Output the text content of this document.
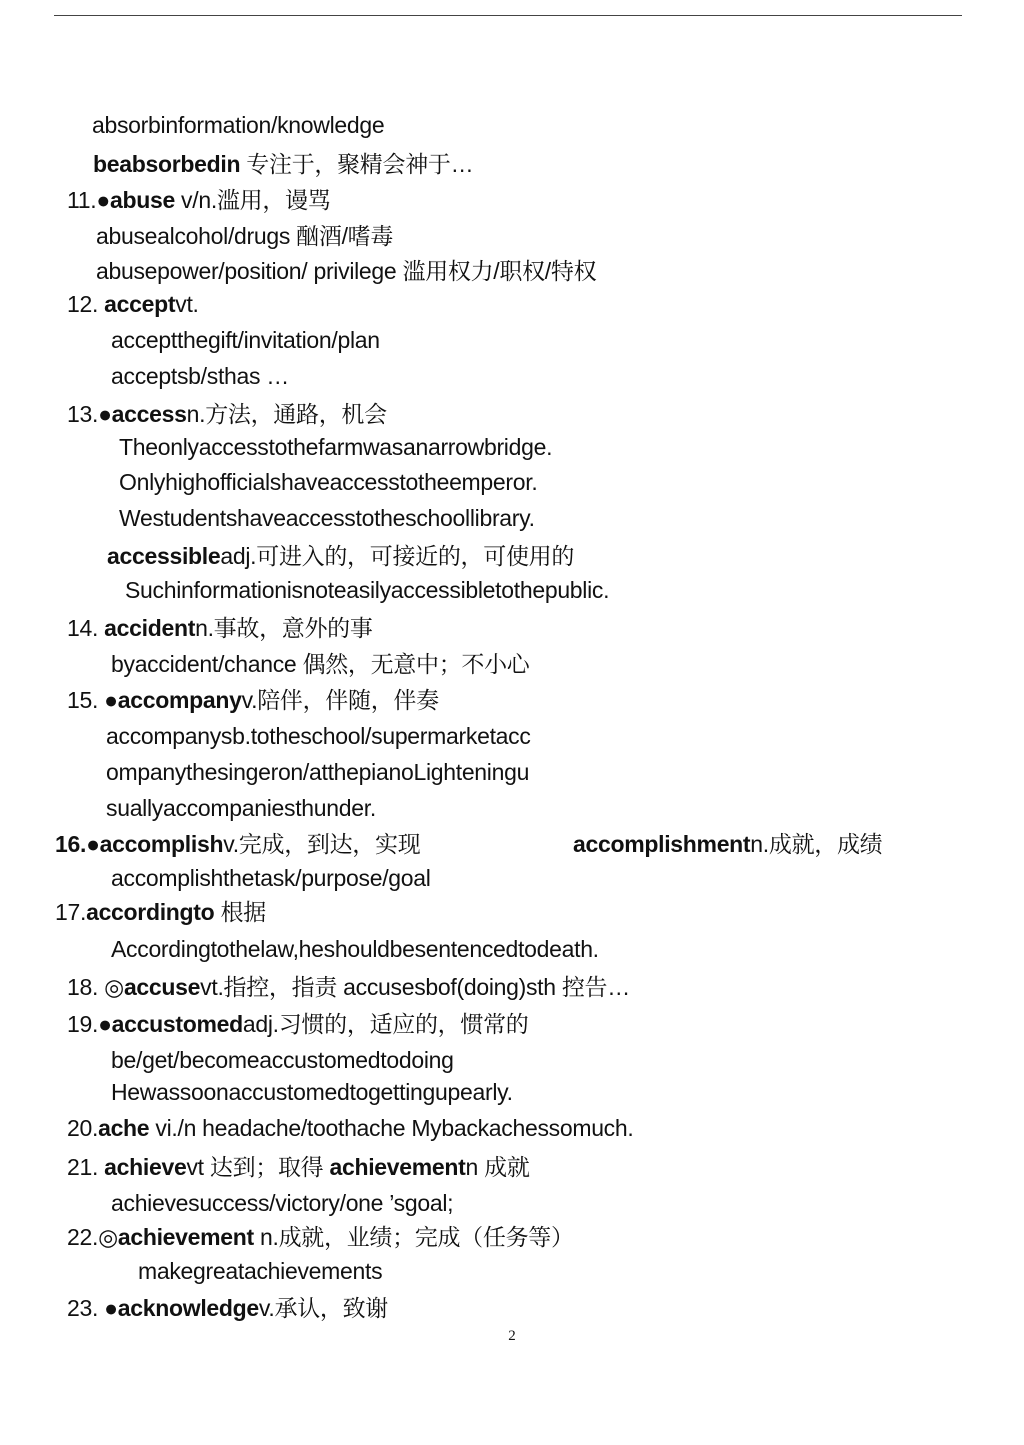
absorbinformation/knowledge
beabsorbedin 专注于，聚精会神于…
11.●abuse v/n.滥用，谩骂
abusealcohol/drugs 酗酒/嗜毒
abusepower/position/ privilege 滥用权力/职权/特权
12. acceptvt.
acceptthegift/invitation/plan
acceptsb/sthas …
13.●accessn.方法，通路，机会
Theonlyaccesstothefarmwasanarrowbridge.
Onlyhighofficialshaveaccesstotheemperor.
Westudentshaveaccesstotheschoollibrary.
accessibleadj.可进入的，可接近的，可使用的
Suchinformationisnoteasilyaccessibletothepublic.
14. accidentn.事故，意外的事
byaccident/chance 偶然，无意中；不小心
15. ●accompanyv.陪伴，伴随，伴奏
accompanysb.totheschool/supermarketacc
ompanythesingeron/atthepianoLighteningu
suallyaccompaniesthunder.
16.●accomplishv.完成，到达，实现	accomplishmentn.成就，成绩
accomplishthetask/purpose/goal
17.accordingto 根据
Accordingtothelaw,heshouldbesentencedtodeath.
18. ◎accusevt.指控，指责 accusesbof(doing)sth 控告…
19.●accustomedadj.习惯的，适应的，惯常的
be/get/becomeaccustomedtodoing
Hewassoonaccustomedtogettingupearly.
20.ache vi./n headache/toothache Mybackachessomuch.
21. achievevt 达到；取得 achievementn 成就
achievesuccess/victory/one ’sgoal;
22.◎achievement n.成就，业绩；完成（任务等）
makegreatachievements
23. ●acknowledgev.承认，致谢
2
